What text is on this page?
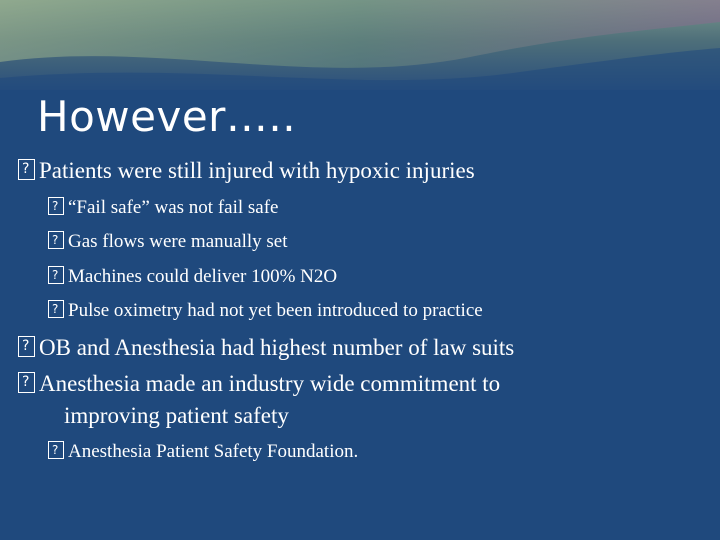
However…..
?Patients were still injured with hypoxic injuries
?“Fail safe” was not fail safe
?Gas flows were manually set
?Machines could deliver 100% N2O
?Pulse oximetry had not yet been introduced to practice
?OB and Anesthesia had highest number of law suits
?Anesthesia made an industry wide commitment to
improving patient safety
?Anesthesia Patient Safety Foundation.
